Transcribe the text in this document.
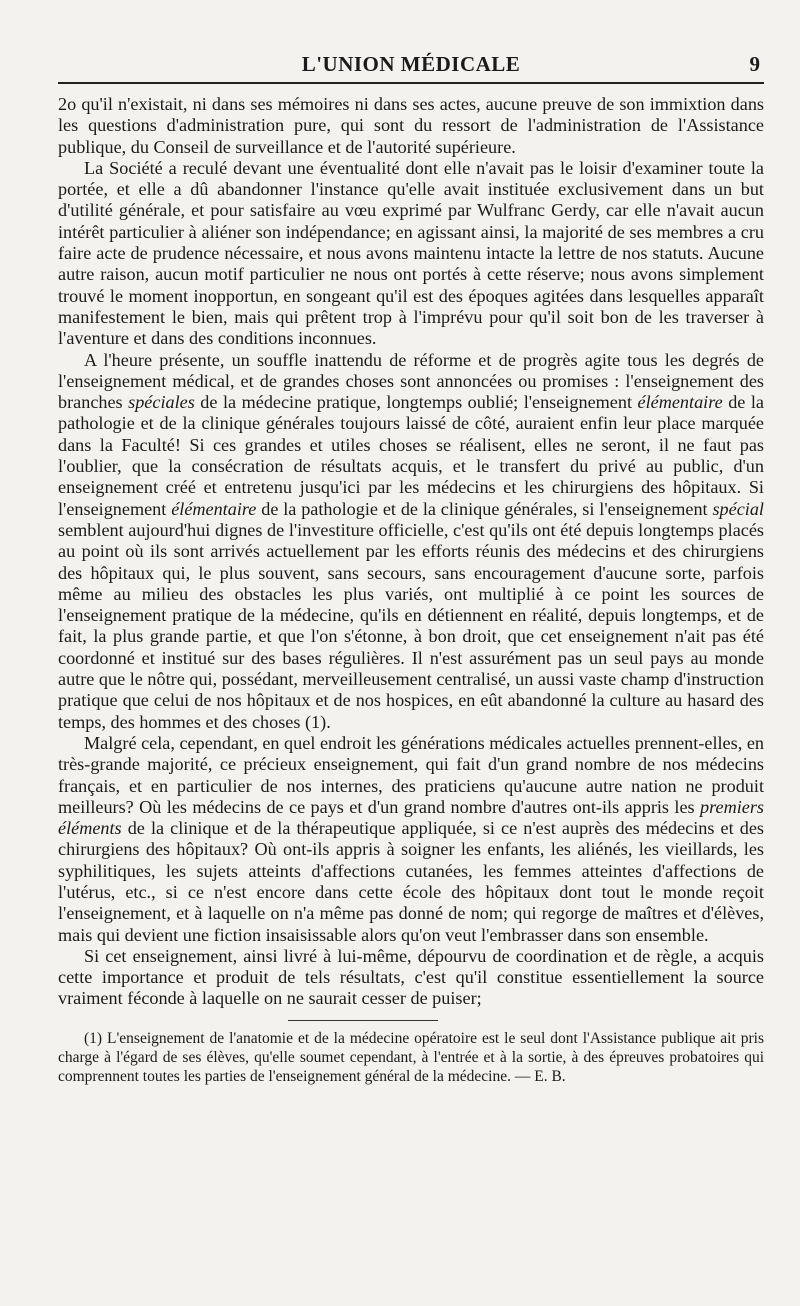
L'UNION MÉDICALE	9

2o qu'il n'existait, ni dans ses mémoires ni dans ses actes, aucune preuve de son immixtion dans les questions d'administration pure, qui sont du ressort de l'administration de l'Assistance publique, du Conseil de surveillance et de l'autorité supérieure.

La Société a reculé devant une éventualité dont elle n'avait pas le loisir d'examiner toute la portée, et elle a dû abandonner l'instance qu'elle avait instituée exclusivement dans un but d'utilité générale, et pour satisfaire au vœu exprimé par Wulfranc Gerdy, car elle n'avait aucun intérêt particulier à aliéner son indépendance; en agissant ainsi, la majorité de ses membres a cru faire acte de prudence nécessaire, et nous avons maintenu intacte la lettre de nos statuts. Aucune autre raison, aucun motif particulier ne nous ont portés à cette réserve; nous avons simplement trouvé le moment inopportun, en songeant qu'il est des époques agitées dans lesquelles apparaît manifestement le bien, mais qui prêtent trop à l'imprévu pour qu'il soit bon de les traverser à l'aventure et dans des conditions inconnues.

A l'heure présente, un souffle inattendu de réforme et de progrès agite tous les degrés de l'enseignement médical, et de grandes choses sont annoncées ou promises : l'enseignement des branches spéciales de la médecine pratique, longtemps oublié; l'enseignement élémentaire de la pathologie et de la clinique générales toujours laissé de côté, auraient enfin leur place marquée dans la Faculté! Si ces grandes et utiles choses se réalisent, elles ne seront, il ne faut pas l'oublier, que la consécration de résultats acquis, et le transfert du privé au public, d'un enseignement créé et entretenu jusqu'ici par les médecins et les chirurgiens des hôpitaux. Si l'enseignement élémentaire de la pathologie et de la clinique générales, si l'enseignement spécial semblent aujourd'hui dignes de l'investiture officielle, c'est qu'ils ont été depuis longtemps placés au point où ils sont arrivés actuellement par les efforts réunis des médecins et des chirurgiens des hôpitaux qui, le plus souvent, sans secours, sans encouragement d'aucune sorte, parfois même au milieu des obstacles les plus variés, ont multiplié à ce point les sources de l'enseignement pratique de la médecine, qu'ils en détiennent en réalité, depuis longtemps, et de fait, la plus grande partie, et que l'on s'étonne, à bon droit, que cet enseignement n'ait pas été coordonné et institué sur des bases régulières. Il n'est assurément pas un seul pays au monde autre que le nôtre qui, possédant, merveilleusement centralisé, un aussi vaste champ d'instruction pratique que celui de nos hôpitaux et de nos hospices, en eût abandonné la culture au hasard des temps, des hommes et des choses (1).

Malgré cela, cependant, en quel endroit les générations médicales actuelles prennent-elles, en très-grande majorité, ce précieux enseignement, qui fait d'un grand nombre de nos médecins français, et en particulier de nos internes, des praticiens qu'aucune autre nation ne produit meilleurs? Où les médecins de ce pays et d'un grand nombre d'autres ont-ils appris les premiers éléments de la clinique et de la thérapeutique appliquée, si ce n'est auprès des médecins et des chirurgiens des hôpitaux? Où ont-ils appris à soigner les enfants, les aliénés, les vieillards, les syphilitiques, les sujets atteints d'affections cutanées, les femmes atteintes d'affections de l'utérus, etc., si ce n'est encore dans cette école des hôpitaux dont tout le monde reçoit l'enseignement, et à laquelle on n'a même pas donné de nom; qui regorge de maîtres et d'élèves, mais qui devient une fiction insaisissable alors qu'on veut l'embrasser dans son ensemble.

Si cet enseignement, ainsi livré à lui-même, dépourvu de coordination et de règle, a acquis cette importance et produit de tels résultats, c'est qu'il constitue essentiellement la source vraiment féconde à laquelle on ne saurait cesser de puiser;

(1) L'enseignement de l'anatomie et de la médecine opératoire est le seul dont l'Assistance publique ait pris charge à l'égard de ses élèves, qu'elle soumet cependant, à l'entrée et à la sortie, à des épreuves probatoires qui comprennent toutes les parties de l'enseignement général de la médecine. — E. B.
